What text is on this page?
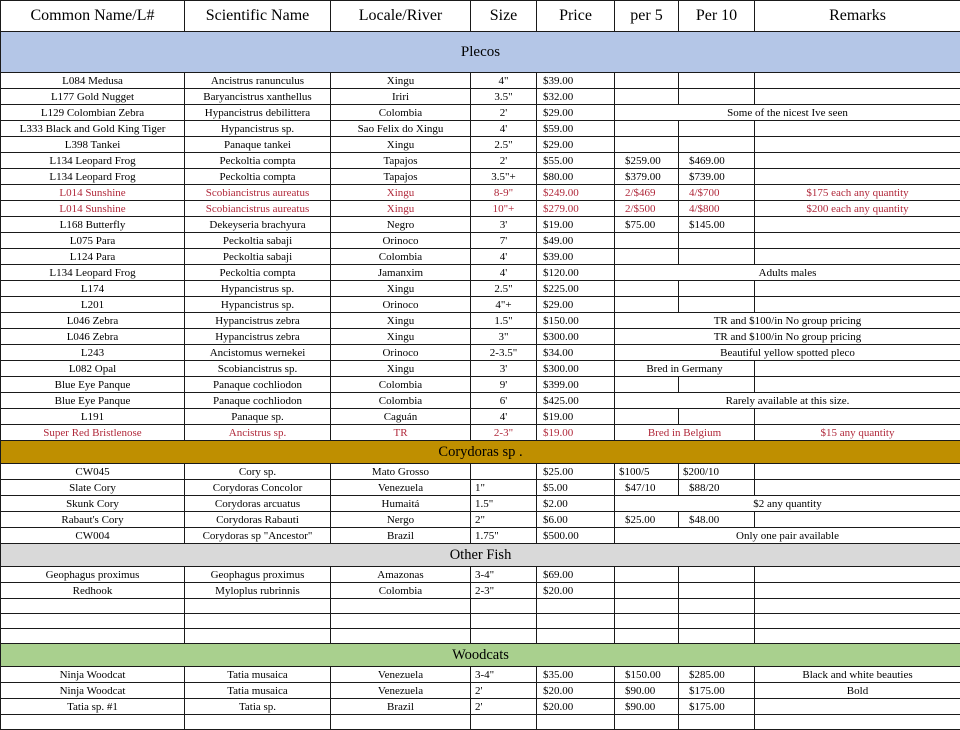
Common Name/L#	Scientific Name	Locale/River	Size	Price	per 5	Per 10	Remarks
Plecos							
L084 Medusa	Ancistrus ranunculus	Xingu	4"	$39.00			
L177 Gold Nugget	Baryancistrus xanthellus	Iriri	3.5"	$32.00			
L129 Colombian Zebra	Hypancistrus debilittera	Colombia	2'	$29.00	Some of the nicest Ive seen		
L333 Black and Gold King Tiger	Hypancistrus sp.	Sao Felix do Xingu	4'	$59.00			
L398 Tankei	Panaque tankei	Xingu	2.5"	$29.00			
L134 Leopard Frog	Peckoltia compta	Tapajos	2'	$55.00	$259.00	$469.00	
L134 Leopard Frog	Peckoltia compta	Tapajos	3.5"+	$80.00	$379.00	$739.00	
L014 Sunshine	Scobiancistrus aureatus	Xingu	8-9"	$249.00	2/$469	4/$700	$175 each any quantity
L014 Sunshine	Scobiancistrus aureatus	Xingu	10"+	$279.00	2/$500	4/$800	$200 each any quantity
L168 Butterfly	Dekeyseria brachyura	Negro	3'	$19.00	$75.00	$145.00	
L075 Para	Peckoltia sabaji	Orinoco	7'	$49.00			
L124 Para	Peckoltia sabaji	Colombia	4'	$39.00			
L134 Leopard Frog	Peckoltia compta	Jamanxim	4'	$120.00	Adults males		
L174	Hypancistrus sp.	Xingu	2.5"	$225.00			
L201	Hypancistrus sp.	Orinoco	4"+	$29.00			
L046 Zebra	Hypancistrus zebra	Xingu	1.5"	$150.00	TR and $100/in No group pricing		
L046 Zebra	Hypancistrus zebra	Xingu	3"	$300.00	TR and $100/in No group pricing		
L243	Ancistomus wernekei	Orinoco	2-3.5"	$34.00	Beautiful yellow spotted pleco		
L082 Opal	Scobiancistrus sp.	Xingu	3'	$300.00	Bred in Germany		
Blue Eye Panque	Panaque cochliodon	Colombia	9'	$399.00			
Blue Eye Panque	Panaque cochliodon	Colombia	6'	$425.00	Rarely available at this size.		
L191	Panaque sp.	Caguán	4'	$19.00			
Super Red Bristlenose	Ancistrus sp.	TR	2-3"	$19.00	Bred in Belgium		$15 any quantity
Corydoras sp .							
CW045	Cory sp.	Mato Grosso		$25.00	$100/5	$200/10	
Slate Cory	Corydoras Concolor	Venezuela	1"	$5.00	$47/10	$88/20	
Skunk Cory	Corydoras arcuatus	Humaitá	1.5"	$2.00	$2 any quantity		
Rabaut's Cory	Corydoras Rabauti	Nergo	2"	$6.00	$25.00	$48.00	
CW004	Corydoras sp "Ancestor"	Brazil	1.75"	$500.00	Only one pair available		
Other Fish							
Geophagus proximus	Geophagus proximus	Amazonas	3-4"	$69.00			
Redhook	Myloplus rubrinnis	Colombia	2-3"	$20.00			

Woodcats							
Ninja Woodcat	Tatia musaica	Venezuela	3-4"	$35.00	$150.00	$285.00	Black and white beauties
Ninja Woodcat	Tatia musaica	Venezuela	2'	$20.00	$90.00	$175.00	Bold
Tatia sp. #1	Tatia sp.	Brazil	2'	$20.00	$90.00	$175.00	
